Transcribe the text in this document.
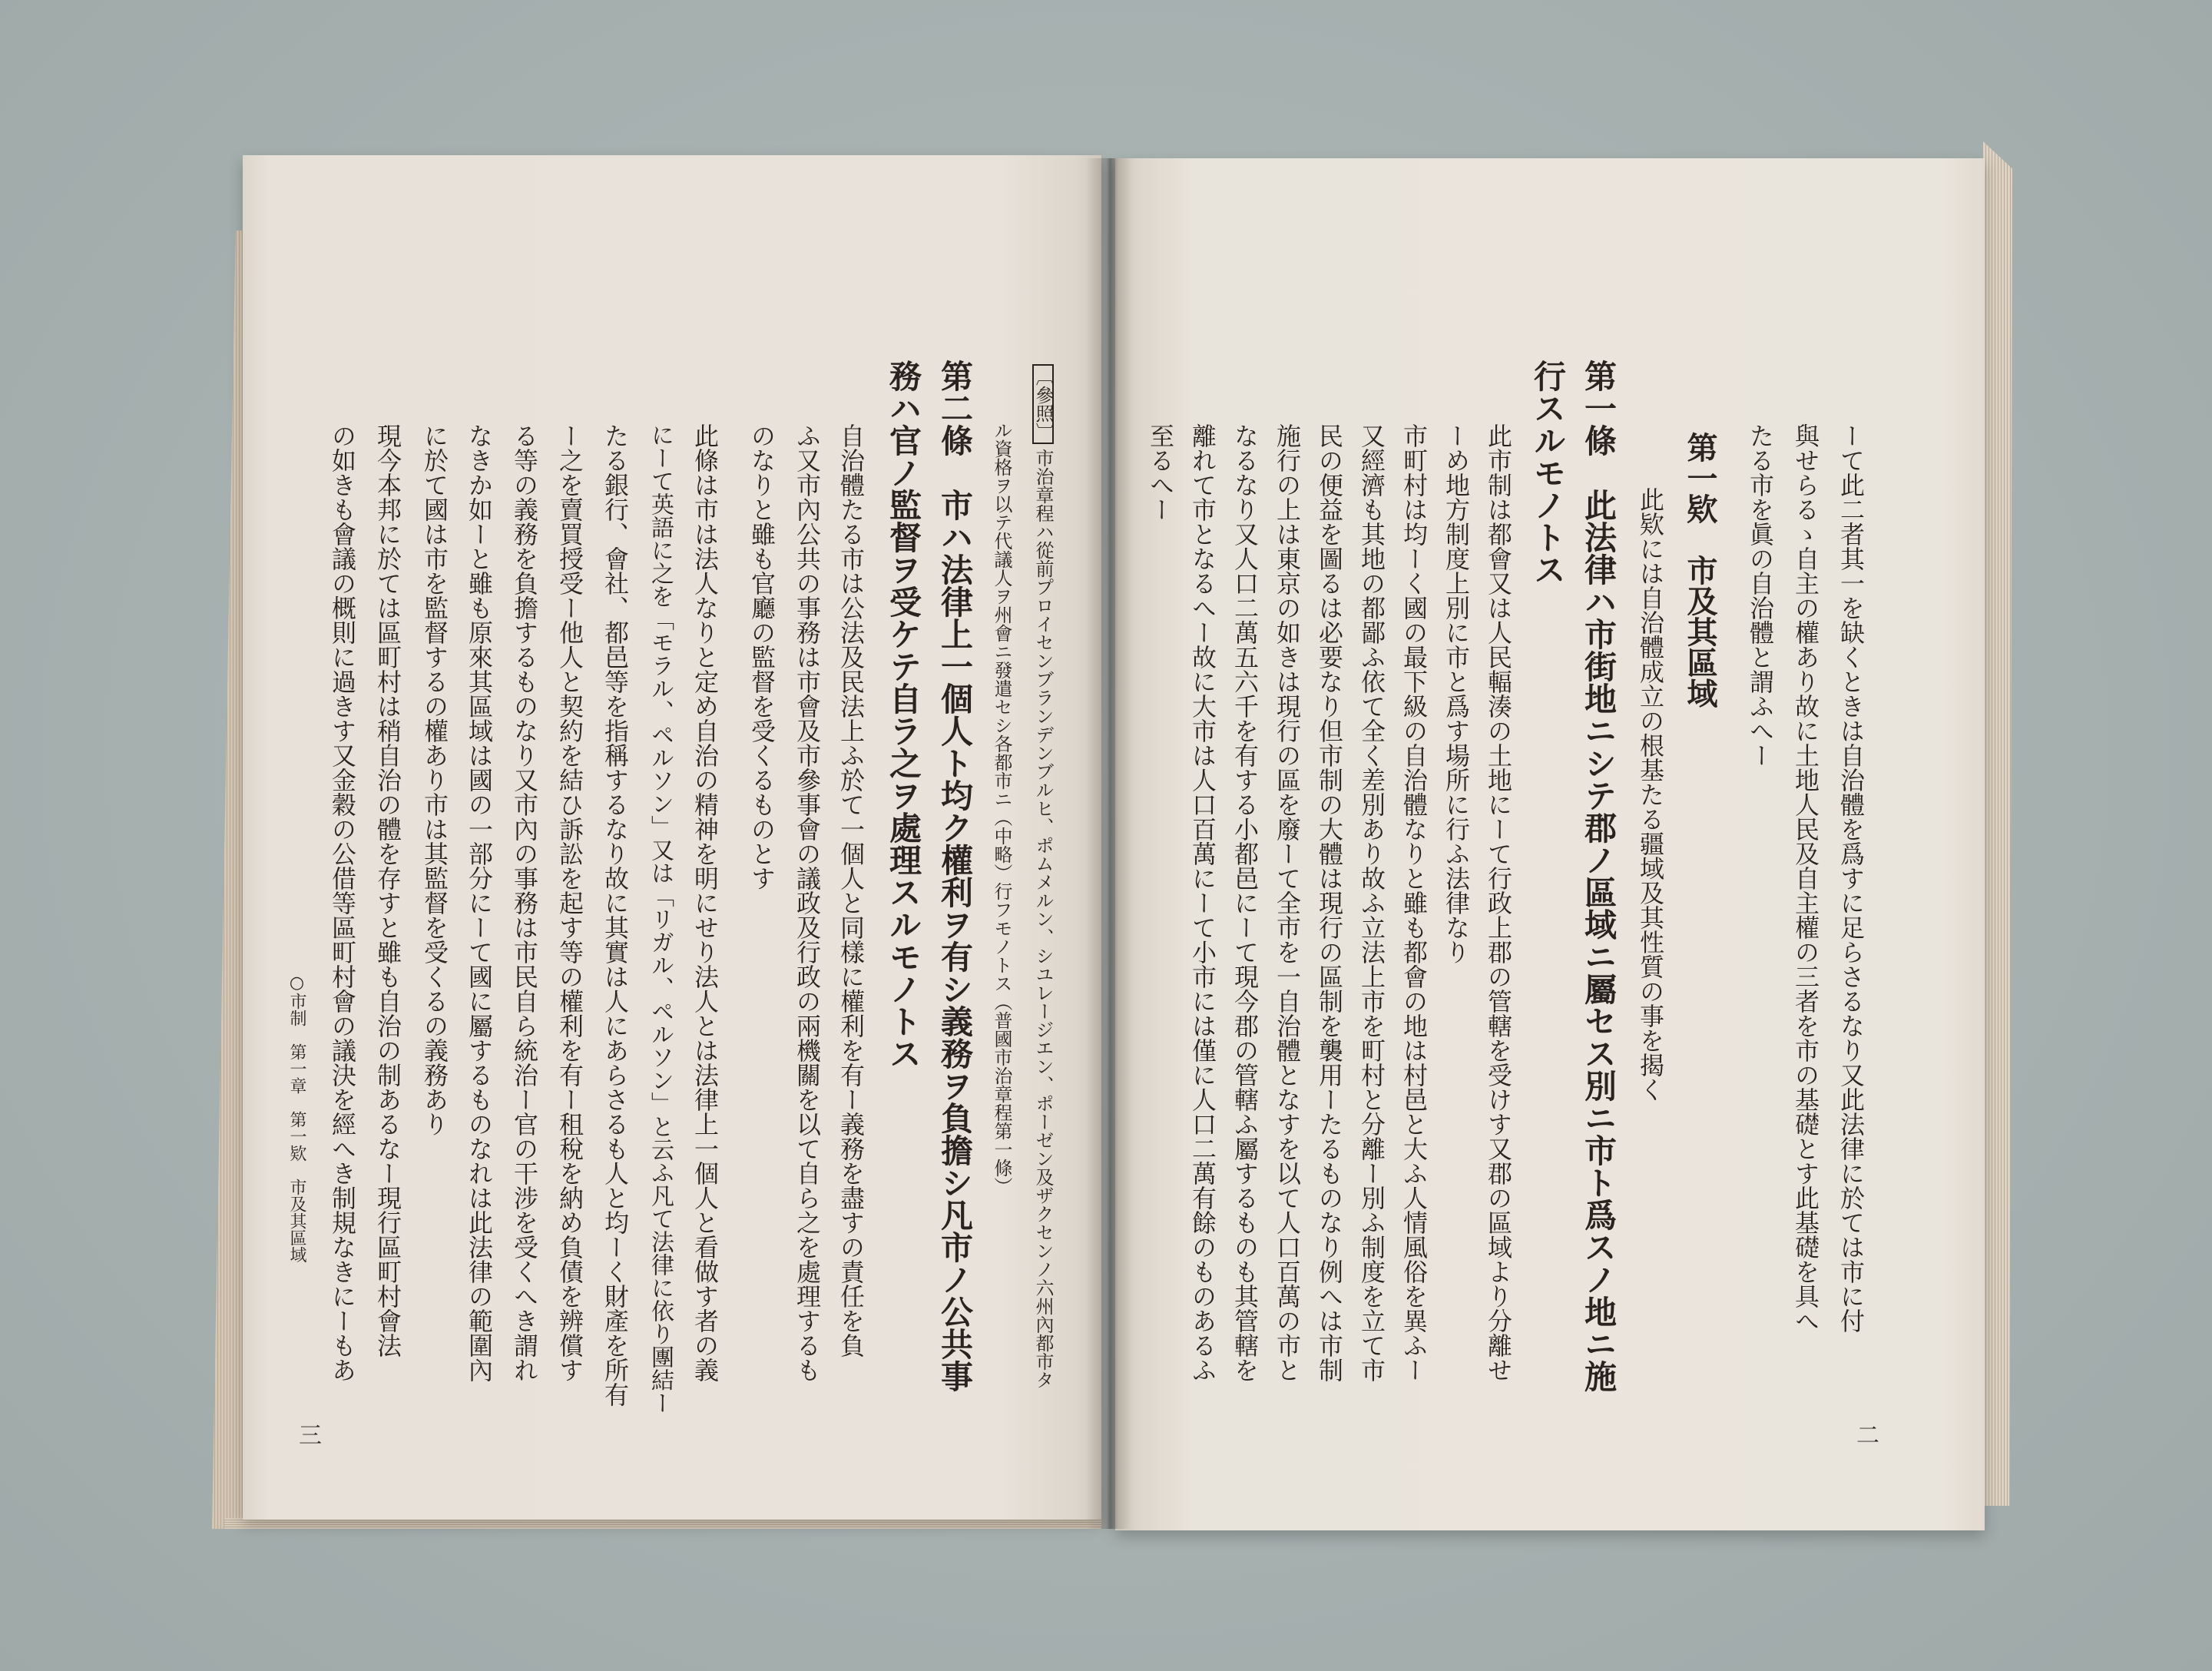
ーて此二者其一を缺くときは自治體を爲すに足らさるなり又此法律に於ては市に付
與せらるゝ自主の權あり故に土地人民及自主權の三者を市の基礎とす此基礎を具へ
たる市を眞の自治體と謂ふへー
第一欵　市及其區域
此欵には自治體成立の根基たる疆域及其性質の事を揭く
第一條　此法律ハ市街地ニシテ郡ノ區域ニ屬セス別ニ市ト爲スノ地ニ施
行スルモノトス
此市制は都會又は人民輻湊の土地にーて行政上郡の管轄を受けす又郡の區域より分離せ
ーめ地方制度上別に市と爲す場所に行ふ法律なり
市町村は均ーく國の最下級の自治體なりと雖も都會の地は村邑と大ふ人情風俗を異ふー
又經濟も其地の都鄙ふ依て全く差別あり故ふ立法上市を町村と分離ー別ふ制度を立て市
民の便益を圖るは必要なり但市制の大體は現行の區制を襲用ーたるものなり例へは市制
施行の上は東京の如きは現行の區を廢ーて全市を一自治體となすを以て人口百萬の市と
なるなり又人口二萬五六千を有する小都邑にーて現今郡の管轄ふ屬するものも其管轄を
離れて市となるへー故に大市は人口百萬にーて小市には僅に人口二萬有餘のものあるふ
至るへー
二
〔參照〕市治章程ハ從前プロイセンブランデンブルヒ、ポムメルン、シユレージエン、ポーゼン及ザクセンノ六州內都市タ
ル資格ヲ以テ代議人ヲ州會ニ發遣セシ各都市ニ（中略）行フモノトス（普國市治章程第一條）
第二條　市ハ法律上一個人ト均ク權利ヲ有シ義務ヲ負擔シ凡市ノ公共事
務ハ官ノ監督ヲ受ケテ自ラ之ヲ處理スルモノトス
自治體たる市は公法及民法上ふ於て一個人と同樣に權利を有ー義務を盡すの責任を負
ふ又市內公共の事務は市會及市參事會の議政及行政の兩機關を以て自ら之を處理するも
のなりと雖も官廳の監督を受くるものとす
此條は市は法人なりと定め自治の精神を明にせり法人とは法律上一個人と看做す者の義
にーて英語に之を「モラル、ペルソン」又は「リガル、ペルソン」と云ふ凡て法律に依り團結ー
たる銀行、會社、都邑等を指稱するなり故に其實は人にあらさるも人と均ーく財產を所有
ー之を賣買授受ー他人と契約を結ひ訴訟を起す等の權利を有ー租稅を納め負債を辨償す
る等の義務を負擔するものなり又市內の事務は市民自ら統治ー官の干涉を受くへき謂れ
なきか如ーと雖も原來其區域は國の一部分にーて國に屬するものなれは此法律の範圍內
に於て國は市を監督するの權あり市は其監督を受くるの義務あり
現今本邦に於ては區町村は稍自治の體を存すと雖も自治の制あるなー現行區町村會法
の如きも會議の概則に過きす又金穀の公借等區町村會の議決を經へき制規なきにーもあ
○市制　第一章　第一欵　市及其區域
三
